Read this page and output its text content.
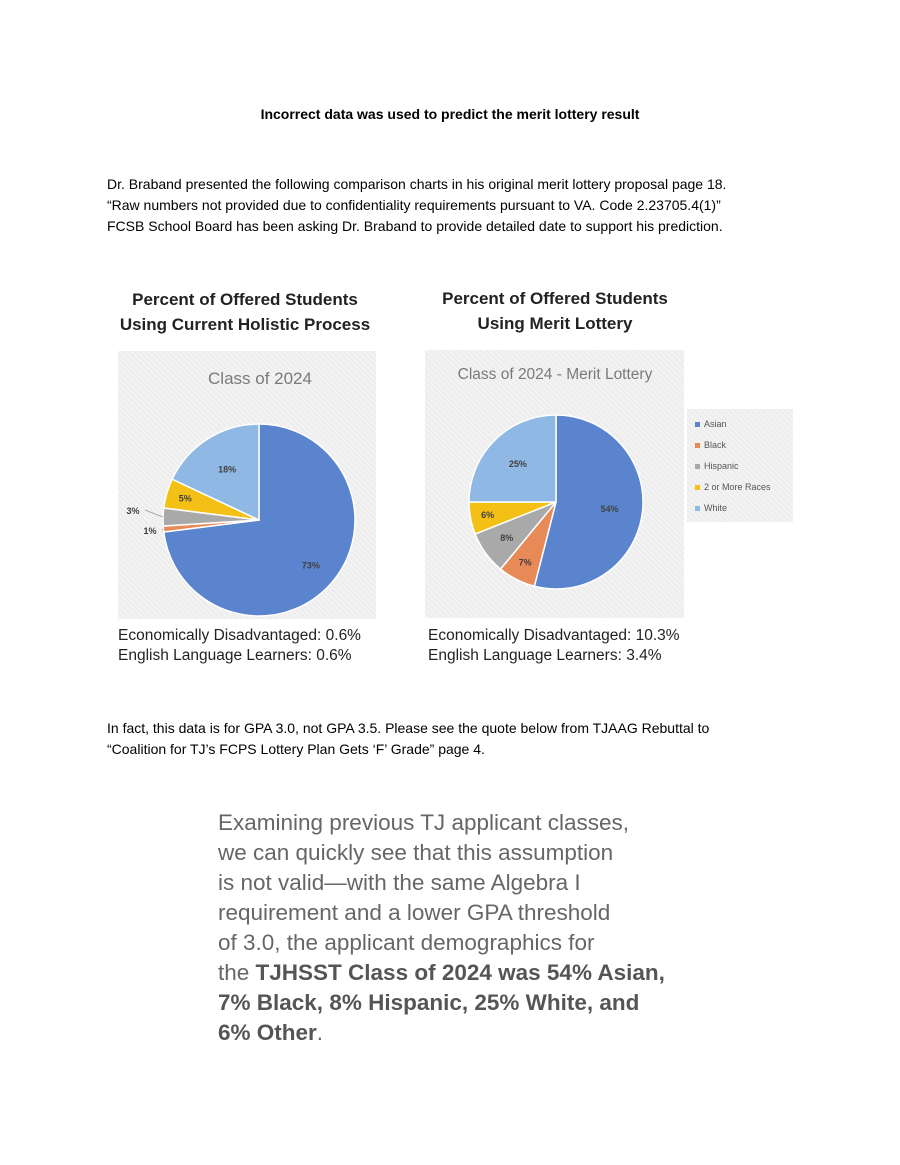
Incorrect data was used to predict the merit lottery result
Dr. Braband presented the following comparison charts in his original merit lottery proposal page 18.
“Raw numbers not provided due to confidentiality requirements pursuant to VA. Code 2.23705.4(1)”
FCSB School Board has been asking Dr. Braband to provide detailed date to support his prediction.
Percent of Offered Students
Using Current Holistic Process
Class of 2024
73%
1%
3%
5%
18%
Economically Disadvantaged: 0.6%
English Language Learners: 0.6%
Percent of Offered Students
Using Merit Lottery
Class of 2024 - Merit Lottery
54%
7%
8%
6%
25%
Economically Disadvantaged: 10.3%
English Language Learners: 3.4%
Asian
Black
Hispanic
2 or More Races
White
In fact, this data is for GPA 3.0, not GPA 3.5. Please see the quote below from TJAAG Rebuttal to
“Coalition for TJ’s FCPS Lottery Plan Gets ‘F’ Grade” page 4.
Examining previous TJ applicant classes,
we can quickly see that this assumption
is not valid—with the same Algebra I
requirement and a lower GPA threshold
of 3.0, the applicant demographics for
the TJHSST Class of 2024 was 54% Asian,
7% Black, 8% Hispanic, 25% White, and
6% Other.
